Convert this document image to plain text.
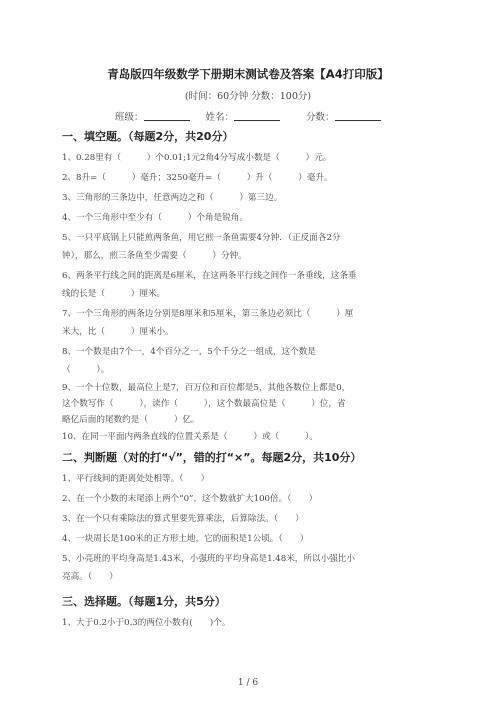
青岛版四年级数学下册期末测试卷及答案【A4打印版】
(时间：60分钟 分数：100分)
班级：	姓名：	分数：
一、填空题。（每题2分，共20分）
1、0.28里有（　　　）个0.01;1元2角4分写成小数是（　　　）元。
2、8升=（　　　）毫升；3250毫升=（　　　）升（　　　）毫升。
3、三角形的三条边中，任意两边之和（　　　）第三边。
4、一个三角形中至少有（　　　）个角是锐角。
5、一只平底锅上只能煎两条鱼，用它煎一条鱼需要4分钟．（正反面各2分
钟），那么，煎三条鱼至少需要（　　　）分钟。
6、两条平行线之间的距离是6厘米，在这两条平行线之间作一条垂线，这条垂
线的长是（　　　）厘米。
7、一个三角形的两条边分别是8厘米和5厘米，第三条边必须比（　　　）厘
米大，比（　　　）厘米小。
8、一个数是由7个一，4个百分之一，5个千分之一组成，这个数是
（　　　）。
9、一个十位数，最高位上是7，百万位和百位都是5，其他各数位上都是0，
这个数写作（　　　），读作（　　　），这个数最高位是（　　　）位，省
略亿后面的尾数约是（　　　）亿。
10、在同一平面内两条直线的位置关系是（　　　）或（　　　）。
二、判断题（对的打“√”，错的打“×”。每题2分，共10分）
1、平行线间的距离处处相等。（　　）
2、在一个小数的末尾添上两个“0”，这个数就扩大100倍。（　　）
3、在一个只有乘除法的算式里要先算乘法，后算除法。（　　）
4、一块周长是100米的正方形土地，它的面积是1公顷。（　　）
5、小亮班的平均身高是1.43米，小强班的平均身高是1.48米，所以小强比小
亮高。（　　）
三、选择题。（每题1分，共5分）
1、大于0.2小于0.3的两位小数有(　　)个。
1 / 6
